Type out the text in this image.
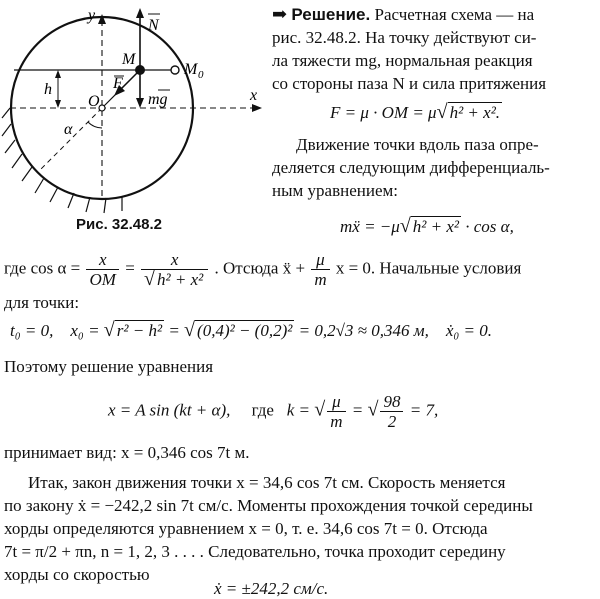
y
x
N
M
M 0
F
O
h
α
mg
Рис. 32.48.2
➡ Решение. Расчетная схема — на
рис. 32.48.2. На точку действуют си-
ла тяжести mg, нормальная реакция
со стороны паза N и сила притяжения
F = μ · OM = μ√ h² + x².
Движение точки вдоль паза опре-
деляется следующим дифференциаль-
ным уравнением:
mẍ = −μ√ h² + x² · cos α,
где $\cos \alpha = \frac{x}{OM} = \frac{x}{\text{√ h² + x²}}$ . Отсюда ẍ + $\frac{\mu}{m}$ x = 0. Начальные условия
для точки:
t₀ = 0, x₀ = √ r² − h² = √ (0,4)² − (0,2)² = 0,2√3 ≈ 0,346 м, ẋ₀ = 0.
Поэтому решение уравнения
x = A sin (kt + α), где k = √ $\frac{\mu}{m}$ = √ $\frac{98}{2} = 7$,
принимает вид: x = 0,346 cos 7t м.
Итак, закон движения точки x = 34,6 cos 7t см. Скорость меняется
по закону ẋ = −242,2 sin 7t см/с. Моменты прохождения точкой середины
хорды определяются уравнением x = 0, т. е. 34,6 cos 7t = 0. Отсюда
7t = π/2 + πn, n = 1, 2, 3 . . . . Следовательно, точка проходит середину
хорды со скоростью
ẋ = ±242,2 см/с.
